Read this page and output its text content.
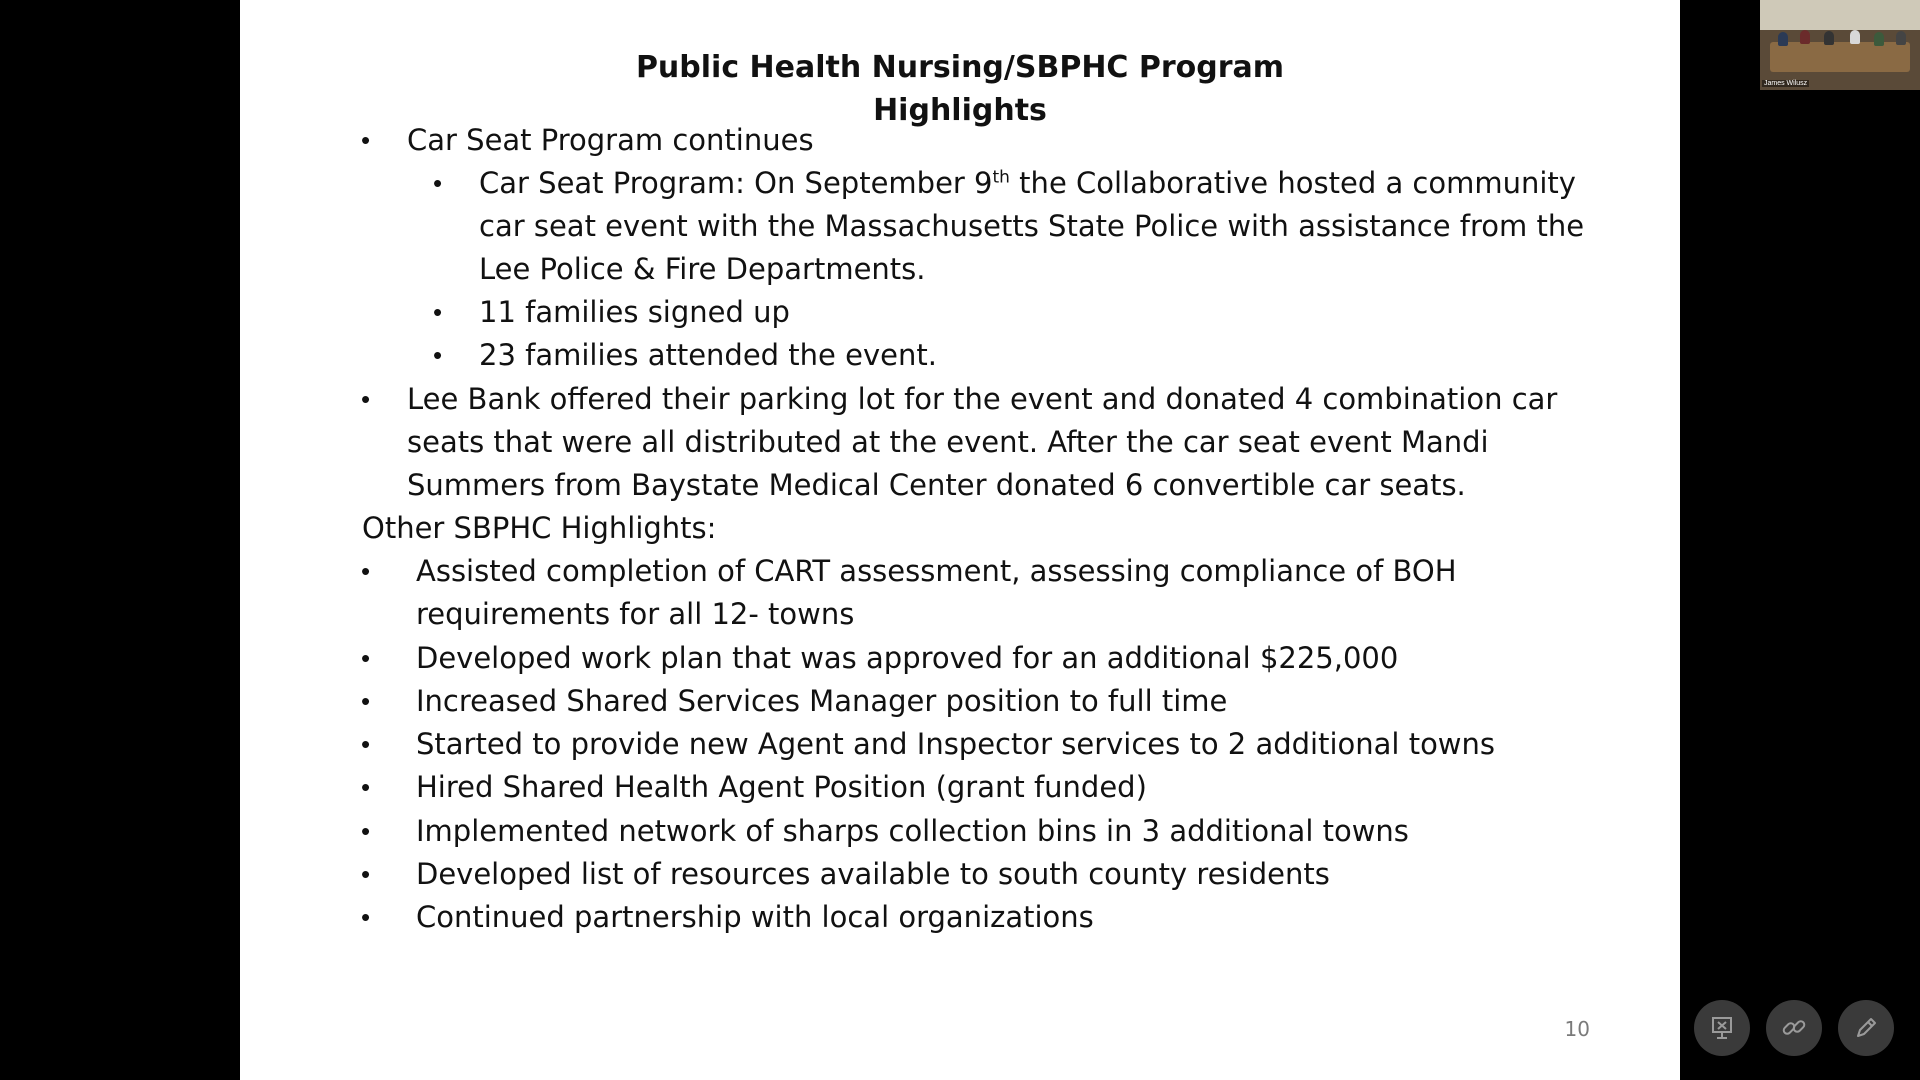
Public Health Nursing/SBPHC Program
Highlights
• Car Seat Program continues
• Car Seat Program: On September 9th the Collaborative hosted a community
car seat event with the Massachusetts State Police with assistance from the
Lee Police & Fire Departments.
• 11 families signed up
• 23 families attended the event.
• Lee Bank offered their parking lot for the event and donated 4 combination car
seats that were all distributed at the event. After the car seat event Mandi
Summers from Baystate Medical Center donated 6 convertible car seats.
Other SBPHC Highlights:
• Assisted completion of CART assessment, assessing compliance of BOH
requirements for all 12- towns
• Developed work plan that was approved for an additional $225,000
• Increased Shared Services Manager position to full time
• Started to provide new Agent and Inspector services to 2 additional towns
• Hired Shared Health Agent Position (grant funded)
• Implemented network of sharps collection bins in 3 additional towns
• Developed list of resources available to south county residents
• Continued partnership with local organizations
10
James Wilusz
